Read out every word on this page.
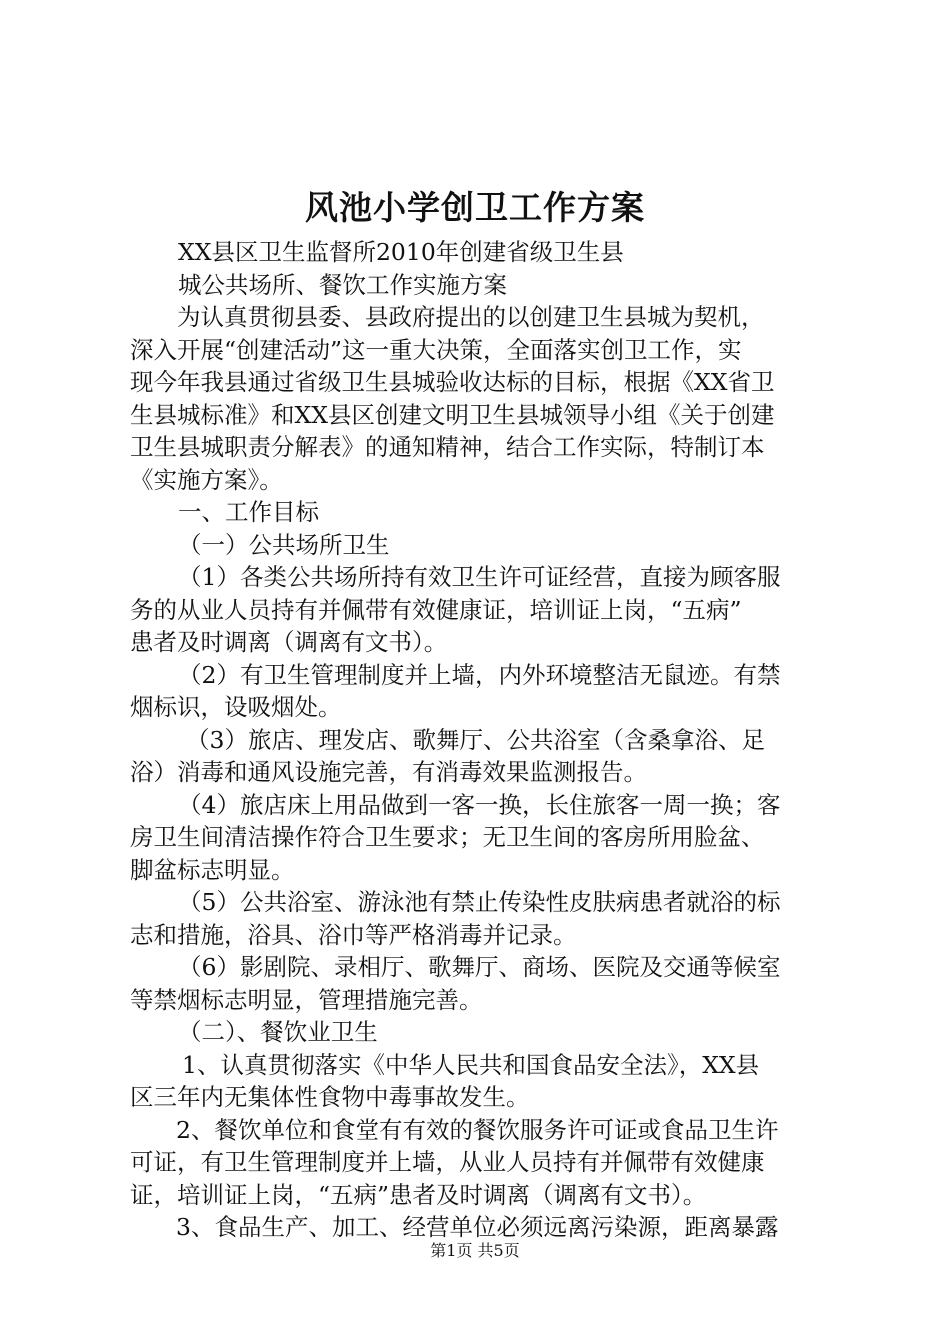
风池小学创卫工作方案
XX县区卫生监督所2010年创建省级卫生县
城公共场所、餐饮工作实施方案
为认真贯彻县委、县政府提出的以创建卫生县城为契机，
深入开展“创建活动”这一重大决策，全面落实创卫工作，实
现今年我县通过省级卫生县城验收达标的目标，根据《XX省卫
生县城标准》和XX县区创建文明卫生县城领导小组《关于创建
卫生县城职责分解表》的通知精神，结合工作实际，特制订本
《实施方案》。
一、工作目标
（一）公共场所卫生
（1）各类公共场所持有效卫生许可证经营，直接为顾客服
务的从业人员持有并佩带有效健康证，培训证上岗，“五病”
患者及时调离（调离有文书）。
（2）有卫生管理制度并上墙，内外环境整洁无鼠迹。有禁
烟标识，设吸烟处。
（3）旅店、理发店、歌舞厅、公共浴室（含桑拿浴、足
浴）消毒和通风设施完善，有消毒效果监测报告。
（4）旅店床上用品做到一客一换，长住旅客一周一换；客
房卫生间清洁操作符合卫生要求；无卫生间的客房所用脸盆、
脚盆标志明显。
（5）公共浴室、游泳池有禁止传染性皮肤病患者就浴的标
志和措施，浴具、浴巾等严格消毒并记录。
（6）影剧院、录相厅、歌舞厅、商场、医院及交通等候室
等禁烟标志明显，管理措施完善。
（二）、餐饮业卫生
1、认真贯彻落实《中华人民共和国食品安全法》，XX县
区三年内无集体性食物中毒事故发生。
2、餐饮单位和食堂有有效的餐饮服务许可证或食品卫生许
可证，有卫生管理制度并上墙，从业人员持有并佩带有效健康
证，培训证上岗，“五病”患者及时调离（调离有文书）。
3、食品生产、加工、经营单位必须远离污染源，距离暴露
第1页 共5页
